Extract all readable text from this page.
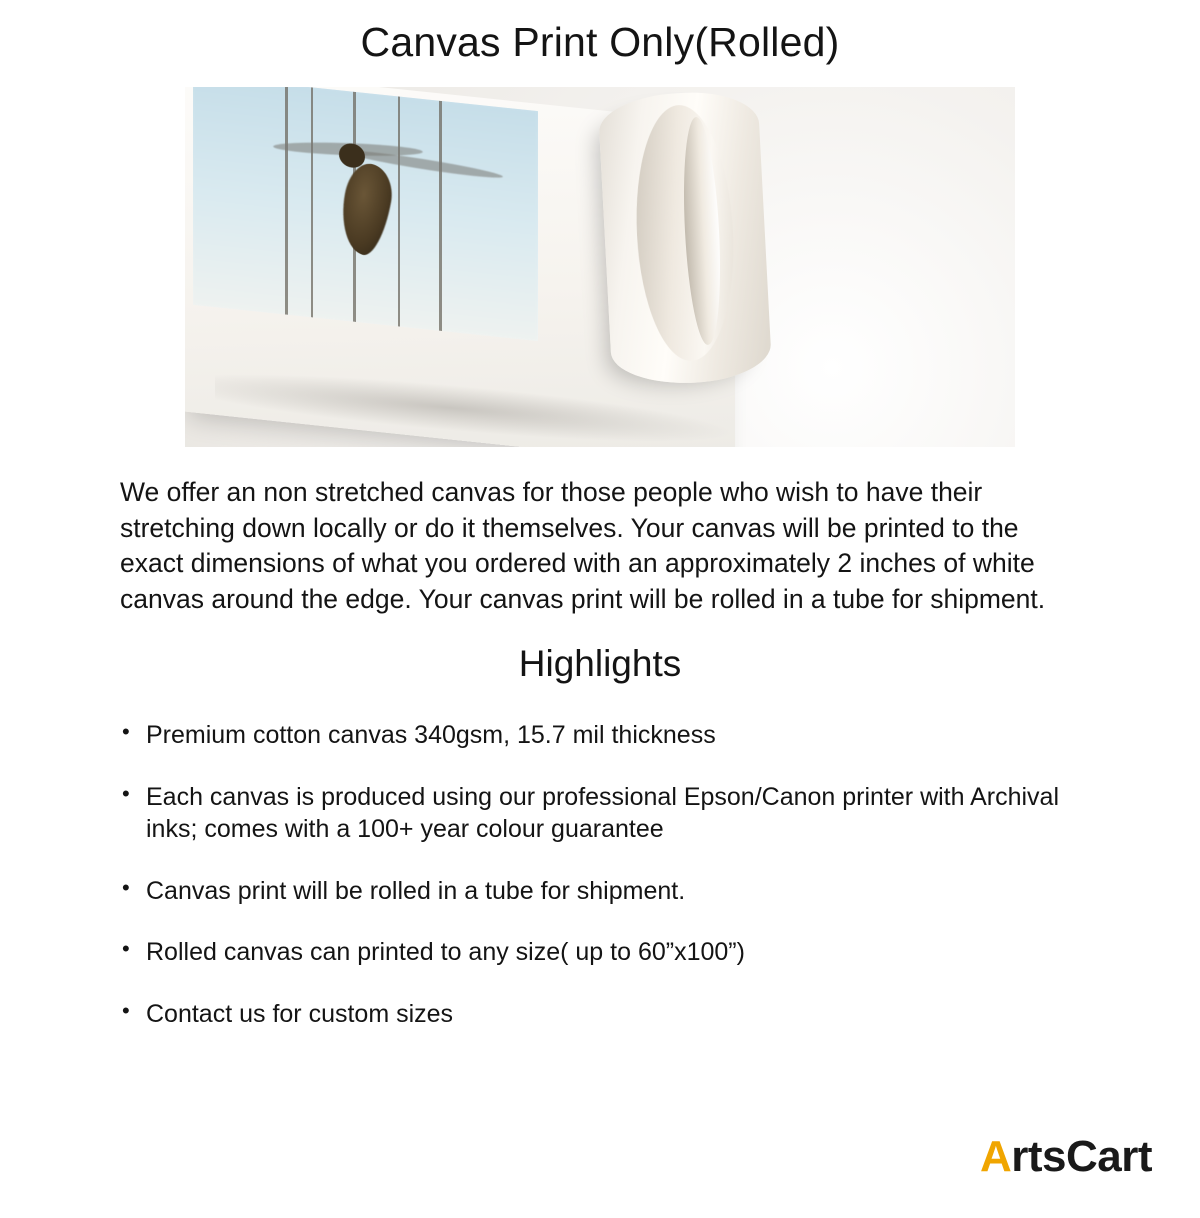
Canvas Print Only(Rolled)

We offer an non stretched canvas for those people who wish to have their stretching down locally or do it themselves. Your canvas will be printed to the exact dimensions of what you ordered with an approximately 2 inches of white canvas around the edge. Your canvas print will be rolled in a tube for shipment.

Highlights
• Premium cotton canvas 340gsm, 15.7 mil thickness
• Each canvas is produced using our professional Epson/Canon printer with Archival inks; comes with a 100+ year colour guarantee
• Canvas print will be rolled in a tube for shipment.
• Rolled canvas can printed to any size( up to 60”x100”)
• Contact us for custom sizes
A rtsCart
